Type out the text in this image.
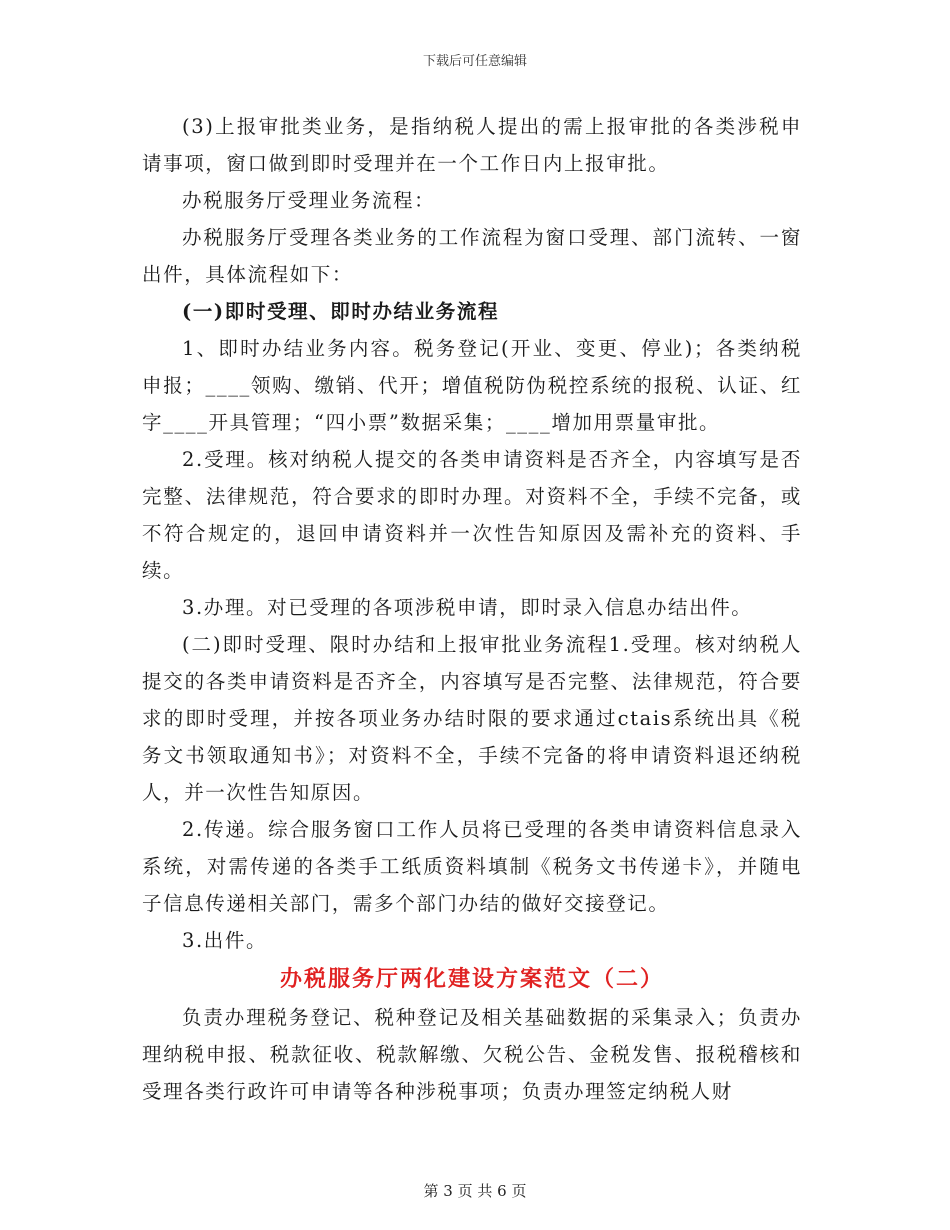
下载后可任意编辑

(3)上报审批类业务，是指纳税人提出的需上报审批的各类涉税申请事项，窗口做到即时受理并在一个工作日内上报审批。

办税服务厅受理业务流程：

办税服务厅受理各类业务的工作流程为窗口受理、部门流转、一窗出件，具体流程如下：

(一)即时受理、即时办结业务流程

1、即时办结业务内容。税务登记(开业、变更、停业)；各类纳税申报；____领购、缴销、代开；增值税防伪税控系统的报税、认证、红字____开具管理；“四小票”数据采集；____增加用票量审批。

2.受理。核对纳税人提交的各类申请资料是否齐全，内容填写是否完整、法律规范，符合要求的即时办理。对资料不全，手续不完备，或不符合规定的，退回申请资料并一次性告知原因及需补充的资料、手续。

3.办理。对已受理的各项涉税申请，即时录入信息办结出件。

(二)即时受理、限时办结和上报审批业务流程1.受理。核对纳税人提交的各类申请资料是否齐全，内容填写是否完整、法律规范，符合要求的即时受理，并按各项业务办结时限的要求通过ctais系统出具《税务文书领取通知书》；对资料不全，手续不完备的将申请资料退还纳税人，并一次性告知原因。

2.传递。综合服务窗口工作人员将已受理的各类申请资料信息录入系统，对需传递的各类手工纸质资料填制《税务文书传递卡》，并随电子信息传递相关部门，需多个部门办结的做好交接登记。

3.出件。

办税服务厅两化建设方案范文（二）

负责办理税务登记、税种登记及相关基础数据的采集录入；负责办理纳税申报、税款征收、税款解缴、欠税公告、金税发售、报税稽核和受理各类行政许可申请等各种涉税事项；负责办理签定纳税人财

第 3 页 共 6 页
